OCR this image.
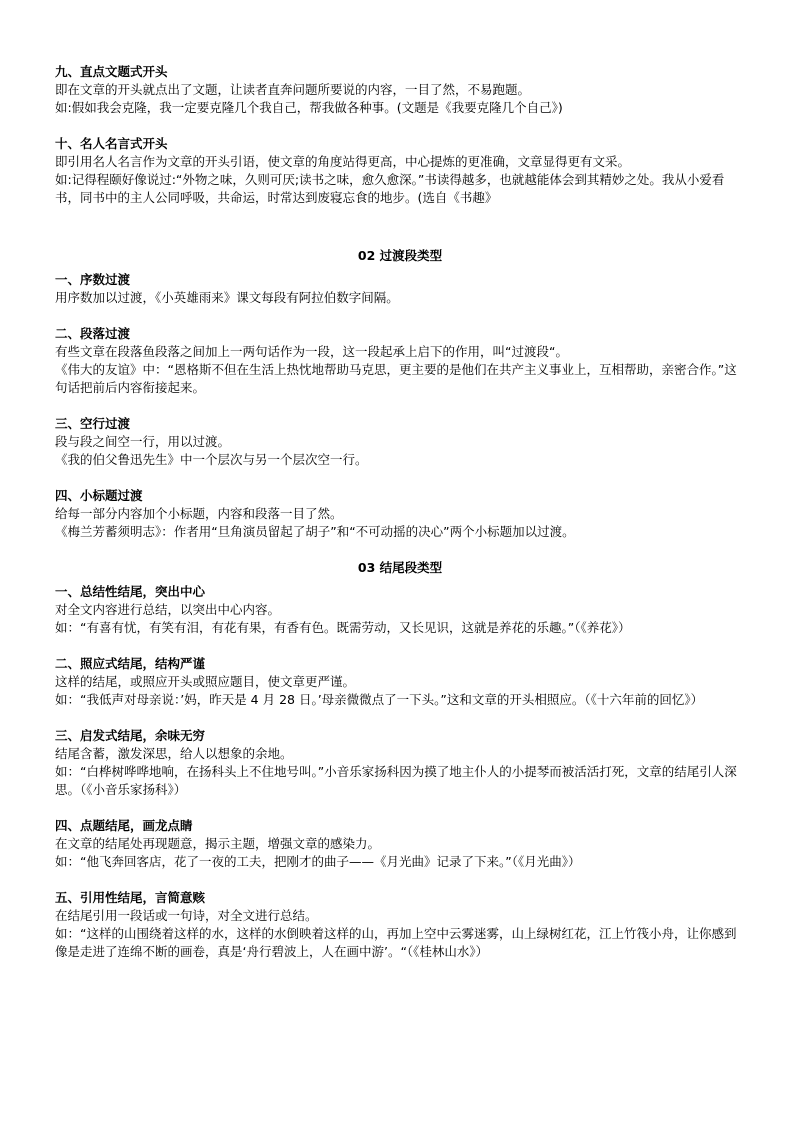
九、直点文题式开头
即在文章的开头就点出了文题，让读者直奔问题所要说的内容，一目了然，不易跑题。
如:假如我会克隆，我一定要克隆几个我自己，帮我做各种事。(文题是《我要克隆几个自己》)
十、名人名言式开头
即引用名人名言作为文章的开头引语，使文章的角度站得更高，中心提炼的更准确，文章显得更有文采。
如:记得程颐好像说过:“外物之味，久则可厌;读书之味，愈久愈深。”书读得越多，也就越能体会到其精妙之处。我从小爱看书，同书中的主人公同呼吸，共命运，时常达到废寝忘食的地步。(选自《书趣》
02 过渡段类型
一、序数过渡
用序数加以过渡，《小英雄雨来》课文每段有阿拉伯数字间隔。
二、段落过渡
有些文章在段落鱼段落之间加上一两句话作为一段，这一段起承上启下的作用，叫“过渡段“。
《伟大的友谊》中：“恩格斯不但在生活上热忱地帮助马克思，更主要的是他们在共产主义事业上，互相帮助，亲密合作。”这句话把前后内容衔接起来。
三、空行过渡
段与段之间空一行，用以过渡。
《我的伯父鲁迅先生》中一个层次与另一个层次空一行。
四、小标题过渡
给每一部分内容加个小标题，内容和段落一目了然。
《梅兰芳蓄须明志》：作者用“旦角演员留起了胡子”和“不可动摇的决心”两个小标题加以过渡。
03 结尾段类型
一、总结性结尾，突出中心
对全文内容进行总结，以突出中心内容。
如：“有喜有忧，有笑有泪，有花有果，有香有色。既需劳动，又长见识，这就是养花的乐趣。”（《养花》）
二、照应式结尾，结构严谨
这样的结尾，或照应开头或照应题目，使文章更严谨。
如：“我低声对母亲说：’妈，昨天是 4 月 28 日。’母亲微微点了一下头。”这和文章的开头相照应。（《十六年前的回忆》）
三、启发式结尾，余味无穷
结尾含蓄，激发深思，给人以想象的余地。
如：“白桦树哗哗地响，在扬科头上不住地号叫。”小音乐家扬科因为摸了地主仆人的小提琴而被活活打死，文章的结尾引人深思。（《小音乐家扬科》）
四、点题结尾，画龙点睛
在文章的结尾处再现题意，揭示主题，增强文章的感染力。
如：“他飞奔回客店，花了一夜的工夫，把刚才的曲子——《月光曲》记录了下来。”（《月光曲》）
五、引用性结尾，言简意赅
在结尾引用一段话或一句诗，对全文进行总结。
如：“这样的山围绕着这样的水，这样的水倒映着这样的山，再加上空中云雾迷雾，山上绿树红花，江上竹筏小舟，让你感到像是走进了连绵不断的画卷，真是‘舟行碧波上，人在画中游’。“（《桂林山水》）
